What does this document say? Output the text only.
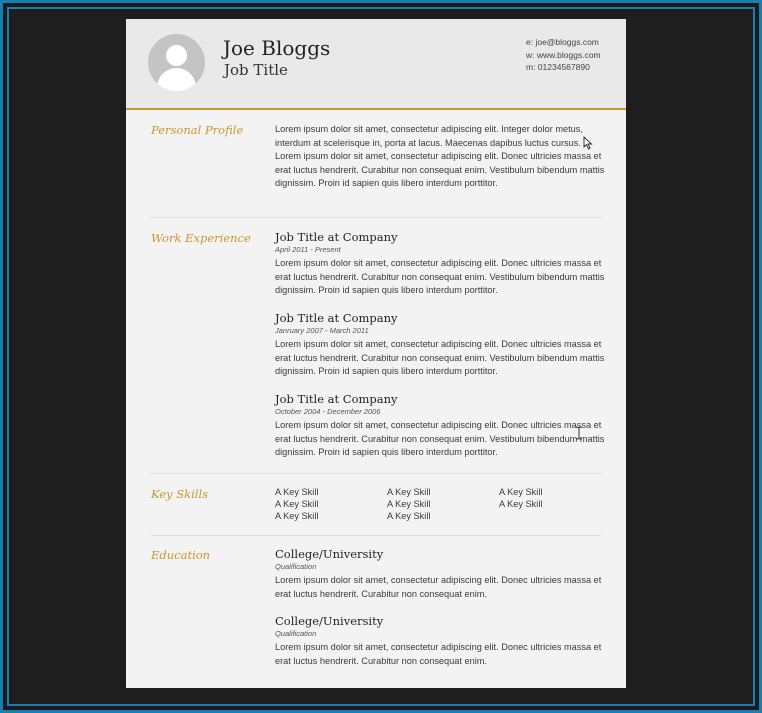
Joe Bloggs
Job Title
e: joe@bloggs.com
w: www.bloggs.com
m: 01234567890
Personal Profile	Lorem ipsum dolor sit amet, consectetur adipiscing elit. Integer dolor metus, interdum at scelerisque in, porta at lacus. Maecenas dapibus luctus cursus. Lorem ipsum dolor sit amet, consectetur adipiscing elit. Donec ultricies massa et erat luctus hendrerit. Curabitur non consequat enim. Vestibulum bibendum mattis dignissim. Proin id sapien quis libero interdum porttitor.
Work Experience Job Title at Company
April 2011 - Present
Lorem ipsum dolor sit amet, consectetur adipiscing elit. Donec ultricies massa et erat luctus hendrerit. Curabitur non consequat enim. Vestibulum bibendum mattis dignissim. Proin id sapien quis libero interdum porttitor.
Job Title at Company
Janruary 2007 - March 2011
Lorem ipsum dolor sit amet, consectetur adipiscing elit. Donec ultricies massa et erat luctus hendrerit. Curabitur non consequat enim. Vestibulum bibendum mattis dignissim. Proin id sapien quis libero interdum porttitor.
Job Title at Company
October 2004 - December 2006
Lorem ipsum dolor sit amet, consectetur adipiscing elit. Donec ultricies massa et erat luctus hendrerit. Curabitur non consequat enim. Vestibulum bibendum mattis dignissim. Proin id sapien quis libero interdum porttitor.
Key Skills	A Key Skill	A Key Skill	A Key Skill
A Key Skill	A Key Skill	A Key Skill
A Key Skill	A Key Skill
Education	College/University
Qualification
Lorem ipsum dolor sit amet, consectetur adipiscing elit. Donec ultricies massa et erat luctus hendrerit. Curabitur non consequat enim.
College/University
Qualification
Lorem ipsum dolor sit amet, consectetur adipiscing elit. Donec ultricies massa et erat luctus hendrerit. Curabitur non consequat enim.
